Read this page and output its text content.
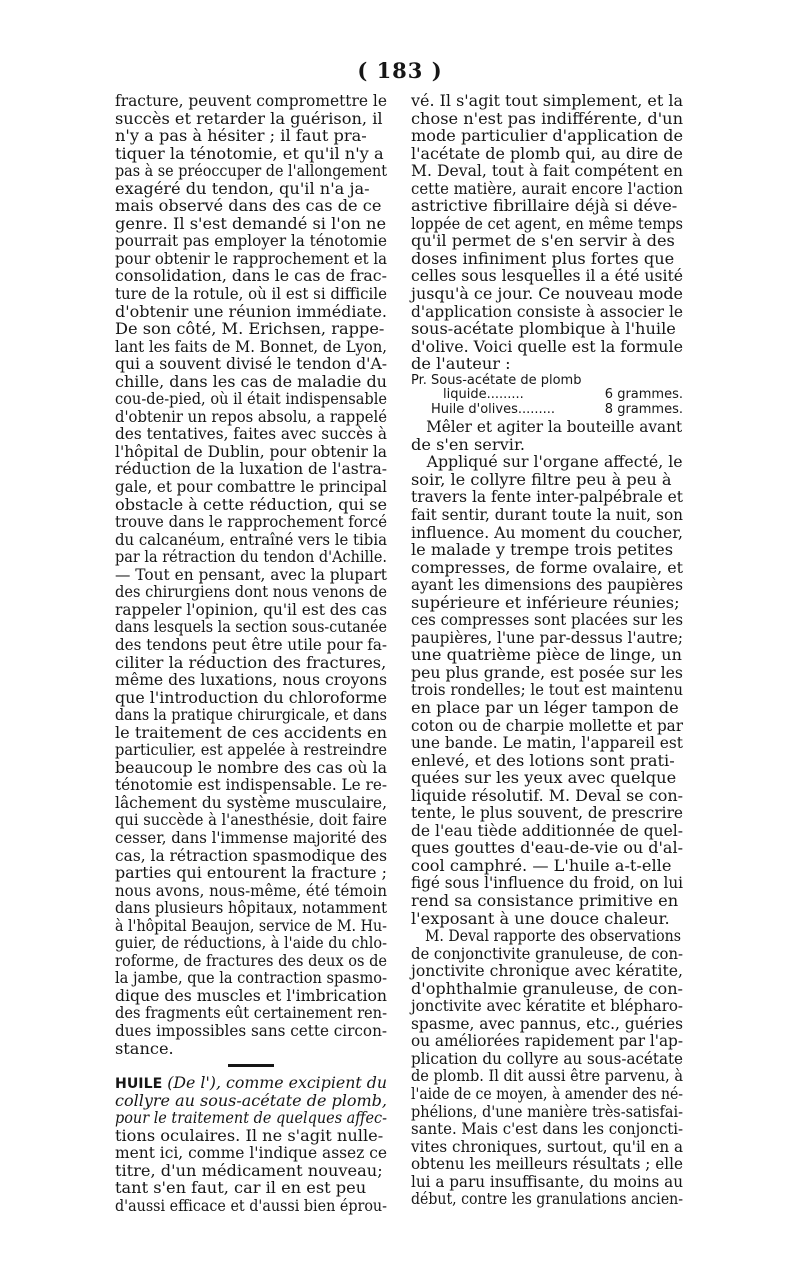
( 183 )
fracture, peuvent compromettre le
succès et retarder la guérison, il
n'y a pas à hésiter ; il faut pra-
tiquer la ténotomie, et qu'il n'y a
pas à se préoccuper de l'allongement
exagéré du tendon, qu'il n'a ja-
mais observé dans des cas de ce
genre. Il s'est demandé si l'on ne
pourrait pas employer la ténotomie
pour obtenir le rapprochement et la
consolidation, dans le cas de frac-
ture de la rotule, où il est si difficile
d'obtenir une réunion immédiate.
De son côté, M. Erichsen, rappe-
lant les faits de M. Bonnet, de Lyon,
qui a souvent divisé le tendon d'A-
chille, dans les cas de maladie du
cou-de-pied, où il était indispensable
d'obtenir un repos absolu, a rappelé
des tentatives, faites avec succès à
l'hôpital de Dublin, pour obtenir la
réduction de la luxation de l'astra-
gale, et pour combattre le principal
obstacle à cette réduction, qui se
trouve dans le rapprochement forcé
du calcanéum, entraîné vers le tibia
par la rétraction du tendon d'Achille.
— Tout en pensant, avec la plupart
des chirurgiens dont nous venons de
rappeler l'opinion, qu'il est des cas
dans lesquels la section sous-cutanée
des tendons peut être utile pour fa-
ciliter la réduction des fractures,
même des luxations, nous croyons
que l'introduction du chloroforme
dans la pratique chirurgicale, et dans
le traitement de ces accidents en
particulier, est appelée à restreindre
beaucoup le nombre des cas où la
ténotomie est indispensable. Le re-
lâchement du système musculaire,
qui succède à l'anesthésie, doit faire
cesser, dans l'immense majorité des
cas, la rétraction spasmodique des
parties qui entourent la fracture ;
nous avons, nous-même, été témoin
dans plusieurs hôpitaux, notamment
à l'hôpital Beaujon, service de M. Hu-
guier, de réductions, à l'aide du chlo-
roforme, de fractures des deux os de
la jambe, que la contraction spasmo-
dique des muscles et l'imbrication
des fragments eût certainement ren-
dues impossibles sans cette circon-
stance.
HUILE (De l'), comme excipient du
collyre au sous-acétate de plomb,
pour le traitement de quelques affec-
tions oculaires. Il ne s'agit nulle-
ment ici, comme l'indique assez ce
titre, d'un médicament nouveau;
tant s'en faut, car il en est peu
d'aussi efficace et d'aussi bien éprou-
vé. Il s'agit tout simplement, et la
chose n'est pas indifférente, d'un
mode particulier d'application de
l'acétate de plomb qui, au dire de
M. Deval, tout à fait compétent en
cette matière, aurait encore l'action
astrictive fibrillaire déjà si déve-
loppée de cet agent, en même temps
qu'il permet de s'en servir à des
doses infiniment plus fortes que
celles sous lesquelles il a été usité
jusqu'à ce jour. Ce nouveau mode
d'application consiste à associer le
sous-acétate plombique à l'huile
d'olive. Voici quelle est la formule
de l'auteur :
Pr. Sous-acétate de plomb
liquide.........	6 grammes.
Huile d'olives.........	8 grammes.
Mêler et agiter la bouteille avant
de s'en servir.
Appliqué sur l'organe affecté, le
soir, le collyre filtre peu à peu à
travers la fente inter-palpébrale et
fait sentir, durant toute la nuit, son
influence. Au moment du coucher,
le malade y trempe trois petites
compresses, de forme ovalaire, et
ayant les dimensions des paupières
supérieure et inférieure réunies;
ces compresses sont placées sur les
paupières, l'une par-dessus l'autre;
une quatrième pièce de linge, un
peu plus grande, est posée sur les
trois rondelles; le tout est maintenu
en place par un léger tampon de
coton ou de charpie mollette et par
une bande. Le matin, l'appareil est
enlevé, et des lotions sont prati-
quées sur les yeux avec quelque
liquide résolutif. M. Deval se con-
tente, le plus souvent, de prescrire
de l'eau tiède additionnée de quel-
ques gouttes d'eau-de-vie ou d'al-
cool camphré. — L'huile a-t-elle
figé sous l'influence du froid, on lui
rend sa consistance primitive en
l'exposant à une douce chaleur.
M. Deval rapporte des observations
de conjonctivite granuleuse, de con-
jonctivite chronique avec kératite,
d'ophthalmie granuleuse, de con-
jonctivite avec kératite et blépharo-
spasme, avec pannus, etc., guéries
ou améliorées rapidement par l'ap-
plication du collyre au sous-acétate
de plomb. Il dit aussi être parvenu, à
l'aide de ce moyen, à amender des né-
phélions, d'une manière très-satisfai-
sante. Mais c'est dans les conjoncti-
vites chroniques, surtout, qu'il en a
obtenu les meilleurs résultats ; elle
lui a paru insuffisante, du moins au
début, contre les granulations ancien-
